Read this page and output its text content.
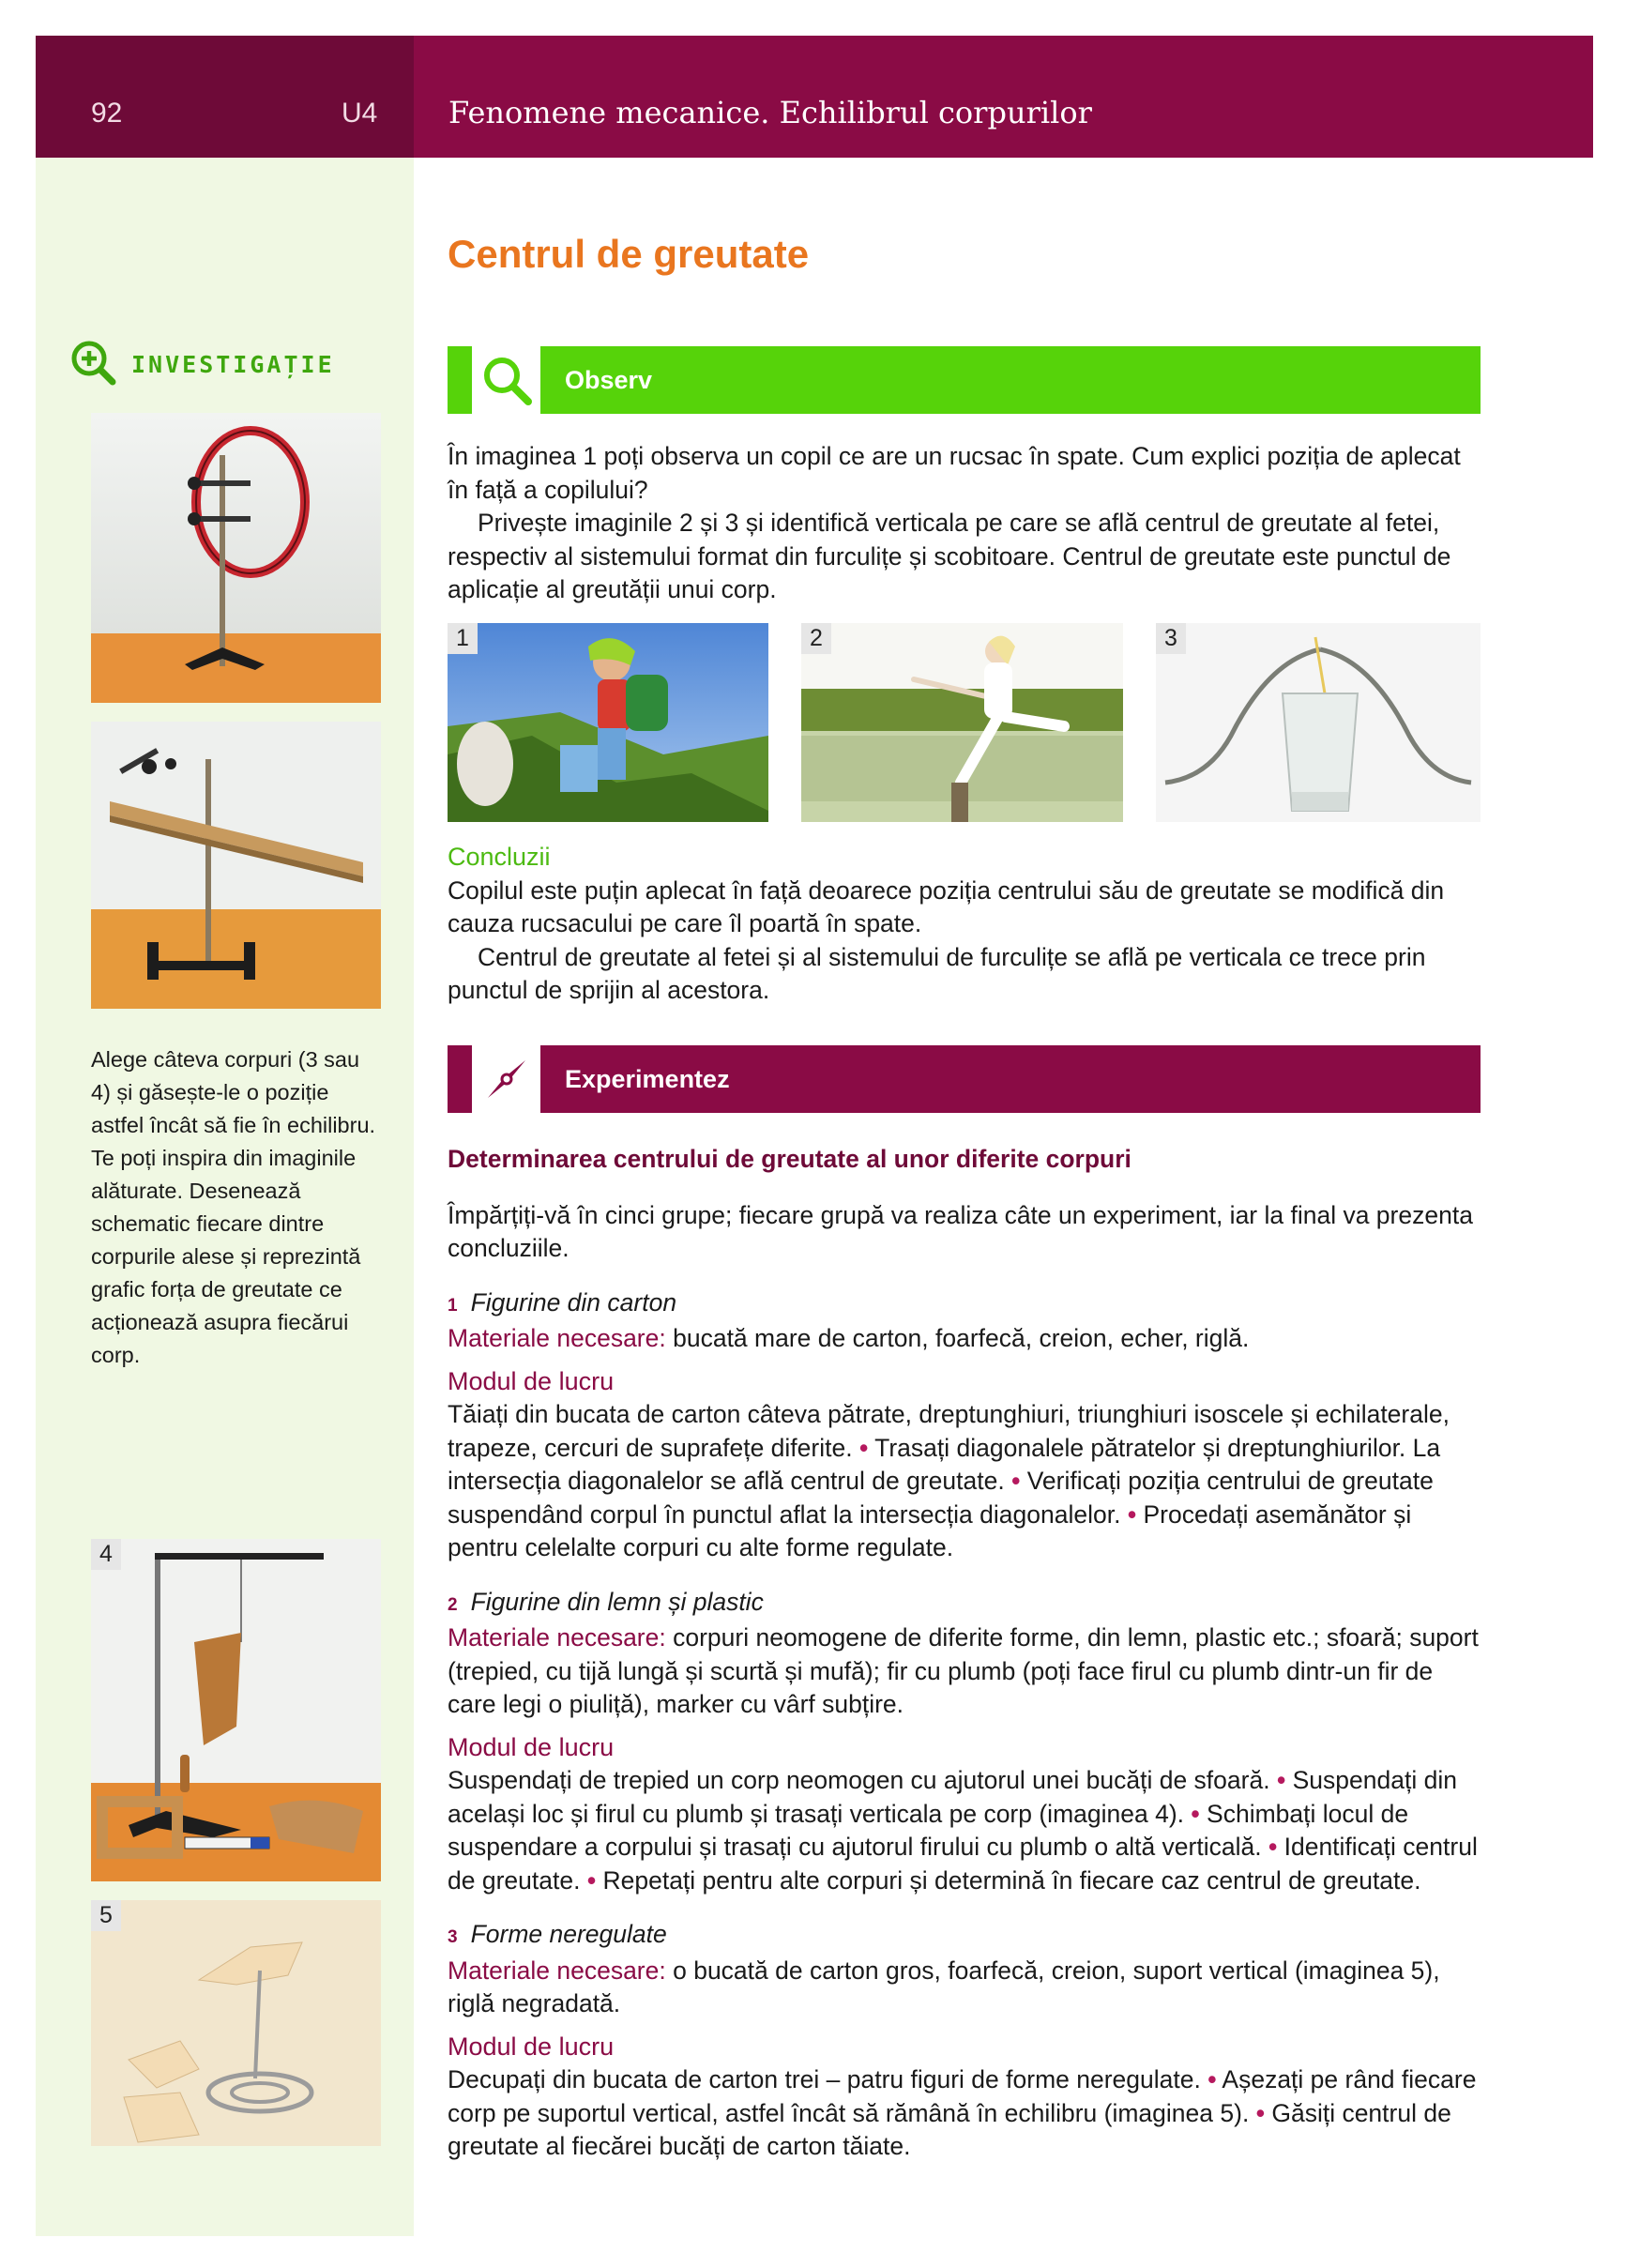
92	U4 Fenomene mecanice. Echilibrul corpurilor
INVESTIGAȚIE
Alege câteva corpuri (3 sau 4) și găsește-le o poziție astfel încât să fie în echilibru. Te poți inspira din imaginile alăturate. Desenează schematic fiecare dintre corpurile alese și reprezintă grafic forța de greutate ce acționează asupra fiecărui corp.
4
5
Centrul de greutate
Observ

În imaginea 1 poți observa un copil ce are un rucsac în spate. Cum explici poziția de aplecat în față a copilului?

Privește imaginile 2 și 3 și identifică verticala pe care se află centrul de greutate al fetei, respectiv al sistemului format din furculițe și scobitoare. Centrul de greutate este punctul de aplicație al greutății unui corp.

1	2	3

Concluzii

Copilul este puțin aplecat în față deoarece poziția centrului său de greutate se modifică din cauza rucsacului pe care îl poartă în spate.

Centrul de greutate al fetei și al sistemului de furculițe se află pe verticala ce trece prin punctul de sprijin al acestora.

Experimentez

Determinarea centrului de greutate al unor diferite corpuri

Împărțiți-vă în cinci grupe; fiecare grupă va realiza câte un experiment, iar la final va prezenta concluziile.

1 Figurine din carton

Materiale necesare: bucată mare de carton, foarfecă, creion, echer, riglă.

Modul de lucru

Tăiați din bucata de carton câteva pătrate, dreptunghiuri, triunghiuri isoscele și echilaterale, trapeze, cercuri de suprafețe diferite. • Trasați diagonalele pătratelor și dreptunghiurilor. La intersecția diagonalelor se află centrul de greutate. • Verificați poziția centrului de greutate suspendând corpul în punctul aflat la intersecția diagonalelor. • Procedați asemănător și pentru celelalte corpuri cu alte forme regulate.

2 Figurine din lemn și plastic

Materiale necesare: corpuri neomogene de diferite forme, din lemn, plastic etc.; sfoară; suport (trepied, cu tijă lungă și scurtă și mufă); fir cu plumb (poți face firul cu plumb dintr-un fir de care legi o piuliță), marker cu vârf subțire.

Modul de lucru

Suspendați de trepied un corp neomogen cu ajutorul unei bucăți de sfoară. • Suspendați din același loc și firul cu plumb și trasați verticala pe corp (imaginea 4). • Schimbați locul de suspendare a corpului și trasați cu ajutorul firului cu plumb o altă verticală. • Identificați centrul de greutate. • Repetați pentru alte corpuri și determină în fiecare caz centrul de greutate.

3 Forme neregulate

Materiale necesare: o bucată de carton gros, foarfecă, creion, suport vertical (imaginea 5), riglă negradată.

Modul de lucru

Decupați din bucata de carton trei – patru figuri de forme neregulate. • Așezați pe rând fiecare corp pe suportul vertical, astfel încât să rămână în echilibru (imaginea 5). • Găsiți centrul de greutate al fiecărei bucăți de carton tăiate.
